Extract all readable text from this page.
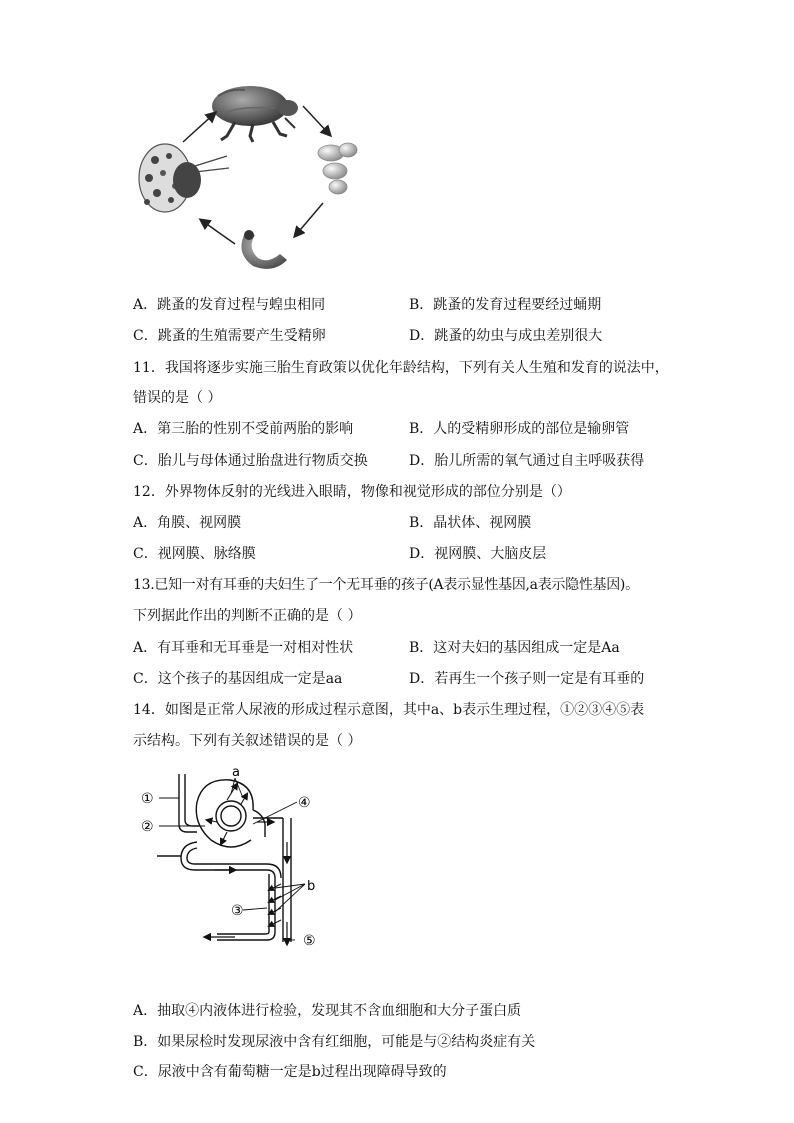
A．跳蚤的发育过程与蝗虫相同	B．跳蚤的发育过程要经过蛹期
C．跳蚤的生殖需要产生受精卵	D．跳蚤的幼虫与成虫差别很大
11．我国将逐步实施三胎生育政策以优化年龄结构，下列有关人生殖和发育的说法中，
错误的是（ ）
A．第三胎的性别不受前两胎的影响	B．人的受精卵形成的部位是输卵管
C．胎儿与母体通过胎盘进行物质交换	D．胎儿所需的氧气通过自主呼吸获得
12．外界物体反射的光线进入眼睛，物像和视觉形成的部位分别是（）
A．角膜、视网膜	B．晶状体、视网膜
C．视网膜、脉络膜	D．视网膜、大脑皮层
13.已知一对有耳垂的夫妇生了一个无耳垂的孩子(A表示显性基因,a表示隐性基因)。
下列据此作出的判断不正确的是（ ）
A．有耳垂和无耳垂是一对相对性状	B．这对夫妇的基因组成一定是Aa
C．这个孩子的基因组成一定是aa	D．若再生一个孩子则一定是有耳垂的
14．如图是正常人尿液的形成过程示意图，其中a、b表示生理过程，①②③④⑤表
示结构。下列有关叙述错误的是（ ）
a
b
①
②
③
④
⑤
A．抽取④内液体进行检验，发现其不含血细胞和大分子蛋白质
B．如果尿检时发现尿液中含有红细胞，可能是与②结构炎症有关
C．尿液中含有葡萄糖一定是b过程出现障碍导致的
